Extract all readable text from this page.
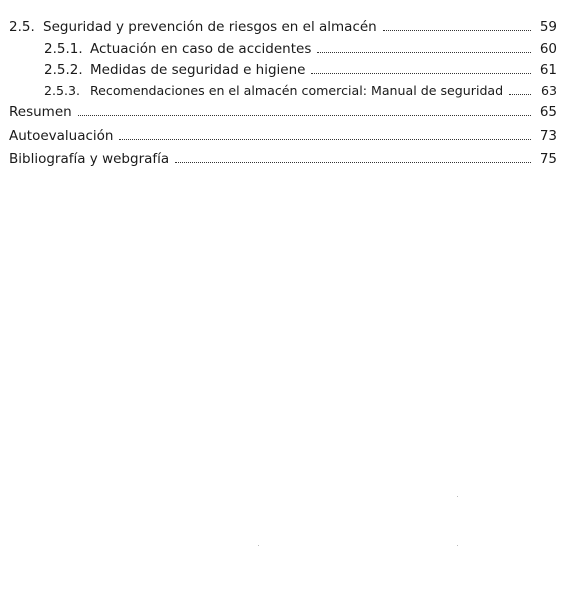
2.5. Seguridad y prevención de riesgos en el almacén	59
2.5.1. Actuación en caso de accidentes	60
2.5.2. Medidas de seguridad e higiene	61
2.5.3. Recomendaciones en el almacén comercial: Manual de seguridad	63
Resumen	65
Autoevaluación	73
Bibliografía y webgrafía	75
